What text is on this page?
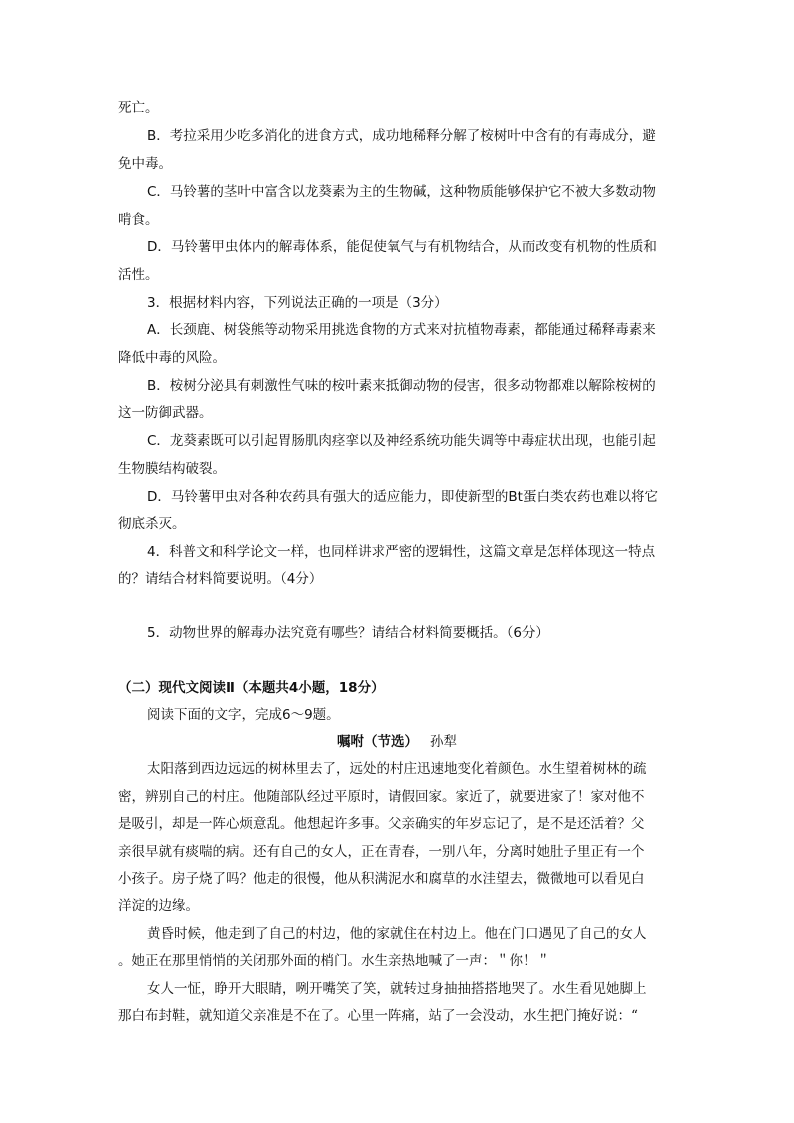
死亡。
B．考拉采用少吃多消化的进食方式，成功地稀释分解了桉树叶中含有的有毒成分，避
免中毒。
C．马铃薯的茎叶中富含以龙葵素为主的生物碱，这种物质能够保护它不被大多数动物
啃食。
D．马铃薯甲虫体内的解毒体系，能促使氧气与有机物结合，从而改变有机物的性质和
活性。
3．根据材料内容，下列说法正确的一项是（3分）
A．长颈鹿、树袋熊等动物采用挑选食物的方式来对抗植物毒素，都能通过稀释毒素来
降低中毒的风险。
B．桉树分泌具有刺激性气味的桉叶素来抵御动物的侵害，很多动物都难以解除桉树的
这一防御武器。
C．龙葵素既可以引起胃肠肌肉痉挛以及神经系统功能失调等中毒症状出现，也能引起
生物膜结构破裂。
D．马铃薯甲虫对各种农药具有强大的适应能力，即使新型的Bt蛋白类农药也难以将它
彻底杀灭。
4．科普文和科学论文一样，也同样讲求严密的逻辑性，这篇文章是怎样体现这一特点
的？请结合材料简要说明。（4分）
5．动物世界的解毒办法究竟有哪些？请结合材料简要概括。（6分）
（二）现代文阅读Ⅱ（本题共4小题，18分）
阅读下面的文字，完成6～9题。
嘱咐（节选） 孙犁
太阳落到西边远远的树林里去了，远处的村庄迅速地变化着颜色。水生望着树林的疏
密，辨别自己的村庄。他随部队经过平原时，请假回家。家近了，就要进家了！家对他不
是吸引，却是一阵心烦意乱。他想起许多事。父亲确实的年岁忘记了，是不是还活着？父
亲很早就有痰喘的病。还有自己的女人，正在青春，一别八年，分离时她肚子里正有一个
小孩子。房子烧了吗？他走的很慢，他从积满泥水和腐草的水洼望去，微微地可以看见白
洋淀的边缘。
黄昏时候，他走到了自己的村边，他的家就住在村边上。他在门口遇见了自己的女人
。她正在那里悄悄的关闭那外面的梢门。水生亲热地喊了一声：＂你！＂
女人一怔，睁开大眼睛，咧开嘴笑了笑，就转过身抽抽搭搭地哭了。水生看见她脚上
那白布封鞋，就知道父亲准是不在了。心里一阵痛，站了一会没动，水生把门掩好说：“
